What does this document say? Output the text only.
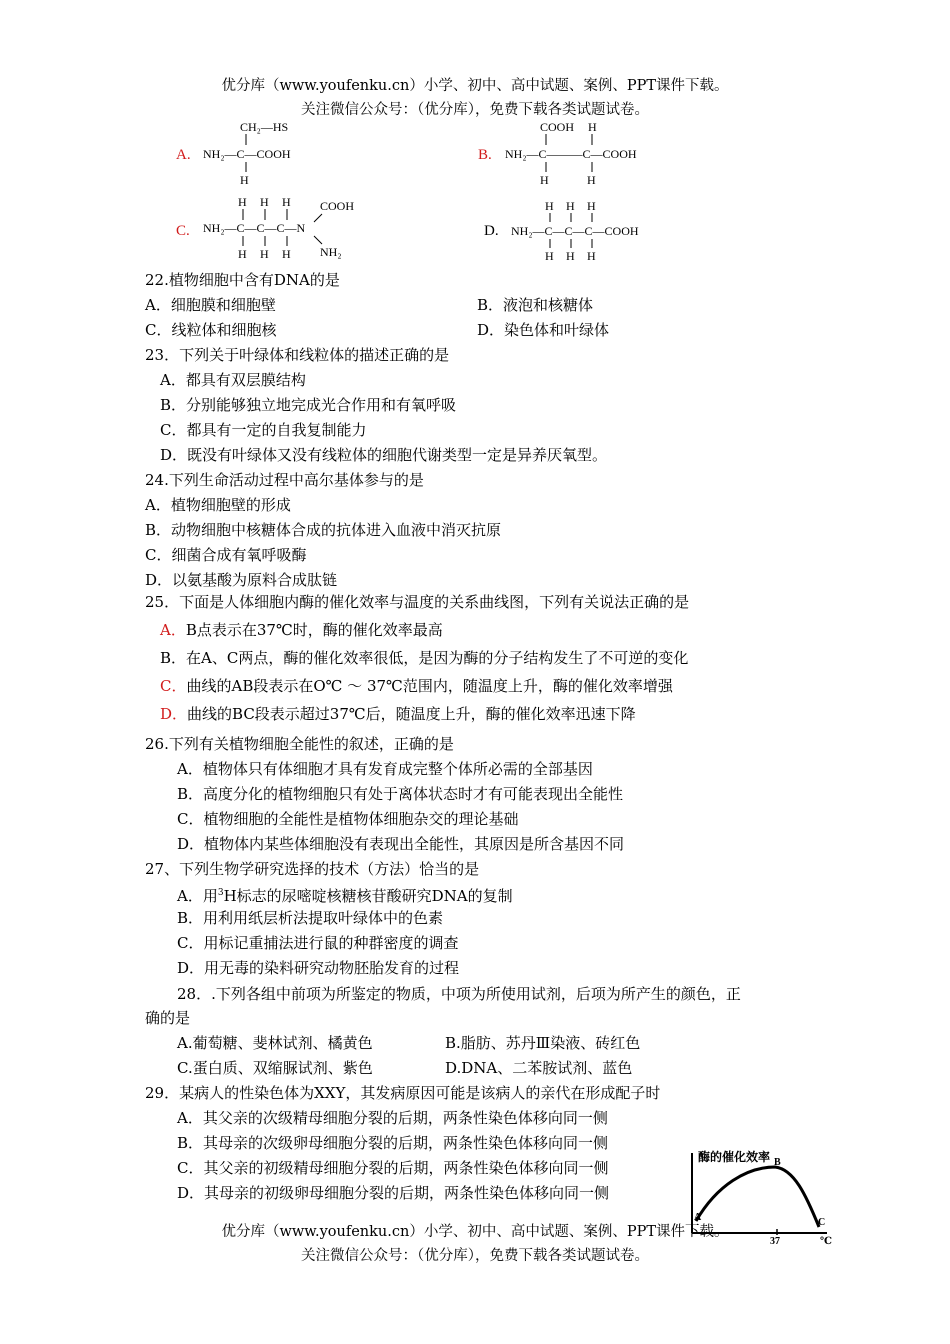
优分库（www.youfenku.cn）小学、初中、高中试题、案例、PPT课件下载。
关注微信公众号：（优分库），免费下载各类试题试卷。
A.
CH₂—HS
NH₂—C—COOH
H
B.
COOH H
NH₂—C———C—COOH
H	H
C.
H H H COOH
NH₂—C—C—C—N
H H H NH₂
D.
H H H
NH₂—C—C—C—COOH
H H H
22.植物细胞中含有DNA的是
A．细胞膜和细胞壁	B．液泡和核糖体
C．线粒体和细胞核	D．染色体和叶绿体
23．下列关于叶绿体和线粒体的描述正确的是
A．都具有双层膜结构
B．分别能够独立地完成光合作用和有氧呼吸
C．都具有一定的自我复制能力
D．既没有叶绿体又没有线粒体的细胞代谢类型一定是异养厌氧型。
24.下列生命活动过程中高尔基体参与的是
A．植物细胞壁的形成
B．动物细胞中核糖体合成的抗体进入血液中消灭抗原
C．细菌合成有氧呼吸酶
D．以氨基酸为原料合成肽链
25．下面是人体细胞内酶的催化效率与温度的关系曲线图，下列有关说法正确的是
A．B点表示在37℃时，酶的催化效率最高
B．在A、C两点，酶的催化效率很低，是因为酶的分子结构发生了不可逆的变化
C．曲线的AB段表示在O℃ ～ 37℃范围内，随温度上升，酶的催化效率增强
D．曲线的BC段表示超过37℃后，随温度上升，酶的催化效率迅速下降
26.下列有关植物细胞全能性的叙述，正确的是
A．植物体只有体细胞才具有发育成完整个体所必需的全部基因
B．高度分化的植物细胞只有处于离体状态时才有可能表现出全能性
C．植物细胞的全能性是植物体细胞杂交的理论基础
D．植物体内某些体细胞没有表现出全能性，其原因是所含基因不同
27、下列生物学研究选择的技术（方法）恰当的是
A．用$^3$H标志的尿嘧啶核糖核苷酸研究DNA的复制
B．用利用纸层析法提取叶绿体中的色素
C．用标记重捕法进行鼠的种群密度的调查
D．用无毒的染料研究动物胚胎发育的过程
28．.下列各组中前项为所鉴定的物质，中项为所使用试剂，后项为所产生的颜色，正
确的是
A.葡萄糖、斐林试剂、橘黄色	B.脂肪、苏丹Ⅲ染液、砖红色
C.蛋白质、双缩脲试剂、紫色	D.DNA、二苯胺试剂、蓝色
29．某病人的性染色体为XXY，其发病原因可能是该病人的亲代在形成配子时
A．其父亲的次级精母细胞分裂的后期，两条性染色体移向同一侧
B．其母亲的次级卵母细胞分裂的后期，两条性染色体移向同一侧
C．其父亲的初级精母细胞分裂的后期，两条性染色体移向同一侧
D．其母亲的初级卵母细胞分裂的后期，两条性染色体移向同一侧
酶的催化效率
A
B
C
37	℃
优分库（www.youfenku.cn）小学、初中、高中试题、案例、PPT课件下载。
关注微信公众号：（优分库），免费下载各类试题试卷。
